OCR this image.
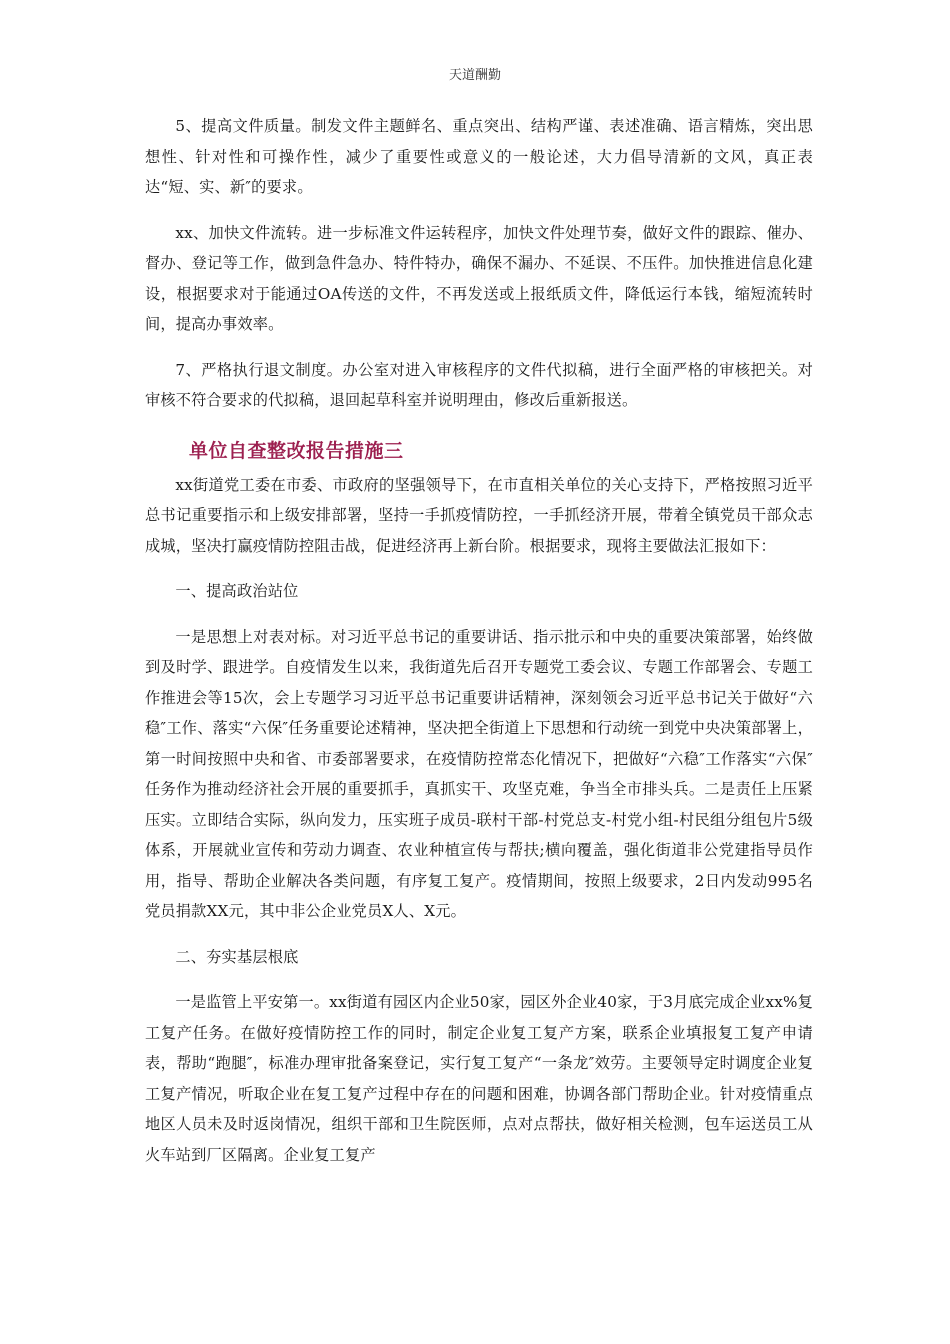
天道酬勤

5、提高文件质量。制发文件主题鲜名、重点突出、结构严谨、表述准确、语言精炼，突出思想性、针对性和可操作性，减少了重要性或意义的一般论述，大力倡导清新的文风，真正表达“短、实、新″的要求。

xx、加快文件流转。进一步标准文件运转程序，加快文件处理节奏，做好文件的跟踪、催办、督办、登记等工作，做到急件急办、特件特办，确保不漏办、不延误、不压件。加快推进信息化建设，根据要求对于能通过OA传送的文件，不再发送或上报纸质文件，降低运行本钱，缩短流转时间，提高办事效率。

7、严格执行退文制度。办公室对进入审核程序的文件代拟稿，进行全面严格的审核把关。对审核不符合要求的代拟稿，退回起草科室并说明理由，修改后重新报送。

单位自查整改报告措施三

xx街道党工委在市委、市政府的坚强领导下，在市直相关单位的关心支持下，严格按照习近平总书记重要指示和上级安排部署，坚持一手抓疫情防控，一手抓经济开展，带着全镇党员干部众志成城，坚决打赢疫情防控阻击战，促进经济再上新台阶。根据要求，现将主要做法汇报如下：

一、提高政治站位

一是思想上对表对标。对习近平总书记的重要讲话、指示批示和中央的重要决策部署，始终做到及时学、跟进学。自疫情发生以来，我街道先后召开专题党工委会议、专题工作部署会、专题工作推进会等15次，会上专题学习习近平总书记重要讲话精神，深刻领会习近平总书记关于做好“六稳″工作、落实“六保″任务重要论述精神，坚决把全街道上下思想和行动统一到党中央决策部署上，第一时间按照中央和省、市委部署要求，在疫情防控常态化情况下，把做好“六稳″工作落实“六保″任务作为推动经济社会开展的重要抓手，真抓实干、攻坚克难，争当全市排头兵。二是责任上压紧压实。立即结合实际，纵向发力，压实班子成员-联村干部-村党总支-村党小组-村民组分组包片5级体系，开展就业宣传和劳动力调查、农业种植宣传与帮扶;横向覆盖，强化街道非公党建指导员作用，指导、帮助企业解决各类问题，有序复工复产。疫情期间，按照上级要求，2日内发动995名党员捐款XX元，其中非公企业党员X人、X元。

二、夯实基层根底

一是监管上平安第一。xx街道有园区内企业50家，园区外企业40家，于3月底完成企业xx%复工复产任务。在做好疫情防控工作的同时，制定企业复工复产方案，联系企业填报复工复产申请表，帮助“跑腿″，标准办理审批备案登记，实行复工复产“一条龙″效劳。主要领导定时调度企业复工复产情况，听取企业在复工复产过程中存在的问题和困难，协调各部门帮助企业。针对疫情重点地区人员未及时返岗情况，组织干部和卫生院医师，点对点帮扶，做好相关检测，包车运送员工从火车站到厂区隔离。企业复工复产
